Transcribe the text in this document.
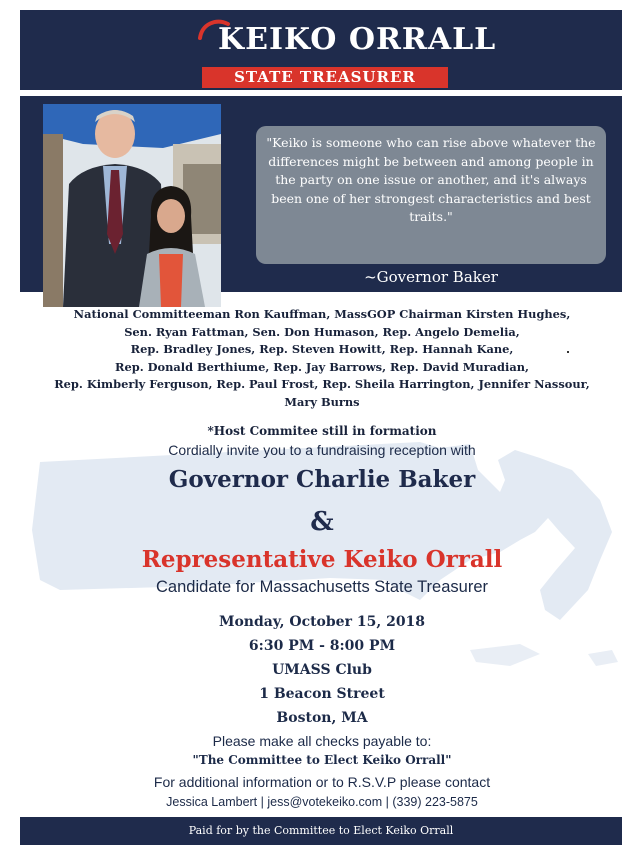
KEIKO ORRALL
STATE TREASURER
"Keiko is someone who can rise above whatever the differences might be between and among people in the party on one issue or another, and it's always been one of her strongest characteristics and best traits."
~Governor Baker
National Committeeman Ron Kauffman, MassGOP Chairman Kirsten Hughes,
Sen. Ryan Fattman, Sen. Don Humason, Rep. Angelo Demelia,
Rep. Bradley Jones, Rep. Steven Howitt, Rep. Hannah Kane,
Rep. Donald Berthiume, Rep. Jay Barrows, Rep. David Muradian,
Rep. Kimberly Ferguson, Rep. Paul Frost, Rep. Sheila Harrington, Jennifer Nassour,
Mary Burns
*Host Commitee still in formation
Cordially invite you to a fundraising reception with
Governor Charlie Baker
&
Representative Keiko Orrall
Candidate for Massachusetts State Treasurer
Monday, October 15, 2018
6:30 PM - 8:00 PM
UMASS Club
1 Beacon Street
Boston, MA
Please make all checks payable to:
"The Committee to Elect Keiko Orrall"
For additional information or to R.S.V.P please contact
Jessica Lambert | jess@votekeiko.com | (339) 223-5875
Paid for by the Committee to Elect Keiko Orrall
